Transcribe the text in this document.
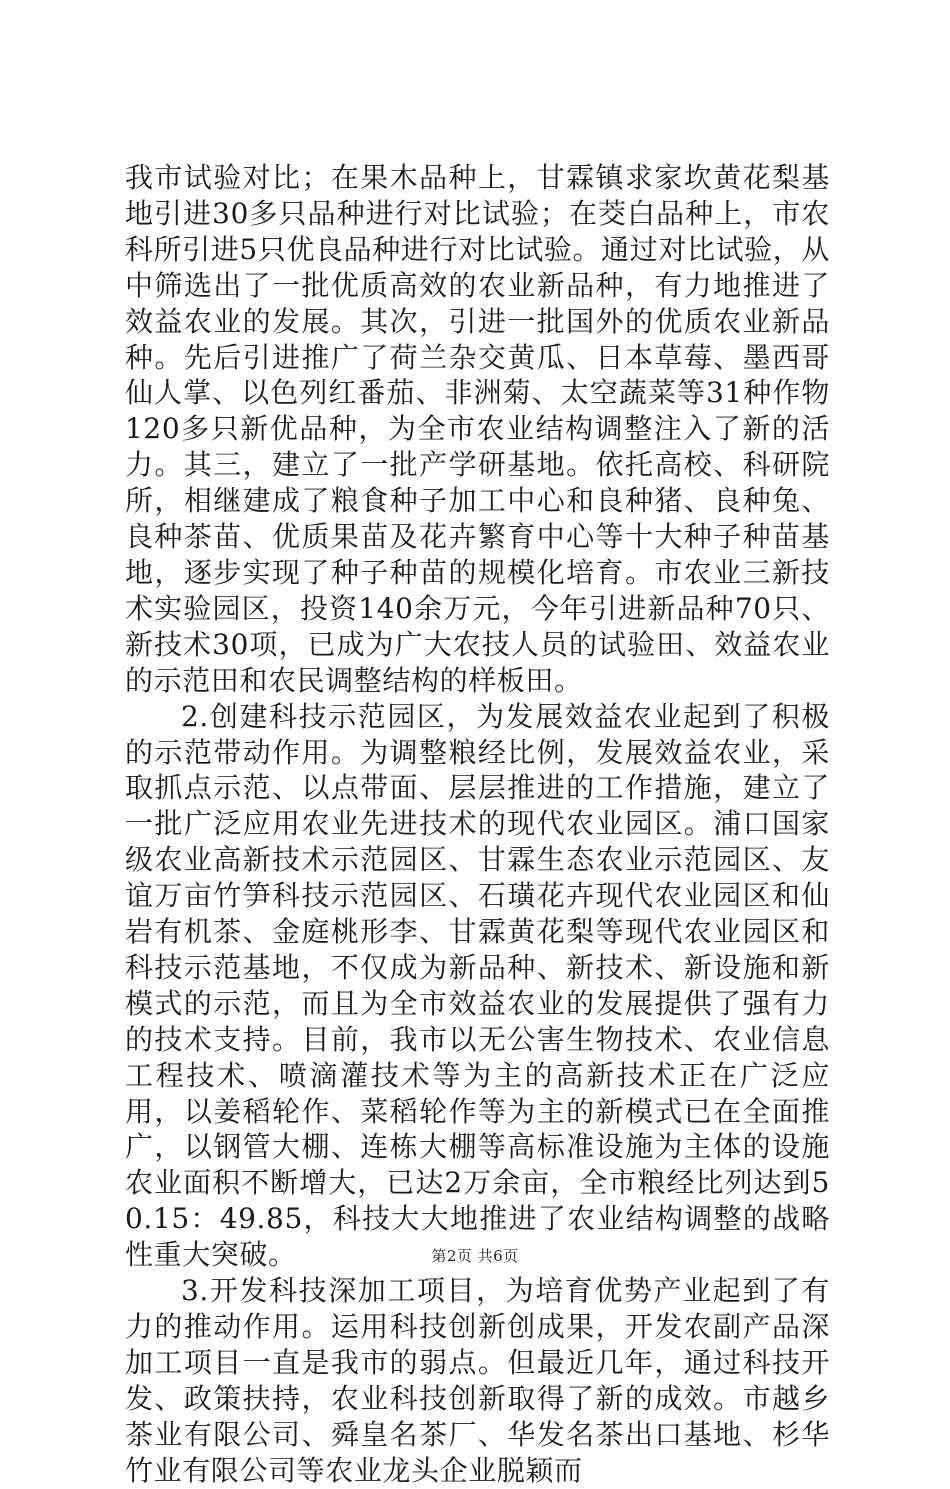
我市试验对比；在果木品种上，甘霖镇求家坎黄花梨基地引进30多只品种进行对比试验；在茭白品种上，市农科所引进5只优良品种进行对比试验。通过对比试验，从中筛选出了一批优质高效的农业新品种，有力地推进了效益农业的发展。其次，引进一批国外的优质农业新品种。先后引进推广了荷兰杂交黄瓜、日本草莓、墨西哥仙人掌、以色列红番茄、非洲菊、太空蔬菜等31种作物120多只新优品种，为全市农业结构调整注入了新的活力。其三，建立了一批产学研基地。依托高校、科研院所，相继建成了粮食种子加工中心和良种猪、良种兔、良种茶苗、优质果苗及花卉繁育中心等十大种子种苗基地，逐步实现了种子种苗的规模化培育。市农业三新技术实验园区，投资140余万元，今年引进新品种70只、新技术30项，已成为广大农技人员的试验田、效益农业的示范田和农民调整结构的样板田。

2.创建科技示范园区，为发展效益农业起到了积极的示范带动作用。为调整粮经比例，发展效益农业，采取抓点示范、以点带面、层层推进的工作措施，建立了一批广泛应用农业先进技术的现代农业园区。浦口国家级农业高新技术示范园区、甘霖生态农业示范园区、友谊万亩竹笋科技示范园区、石璜花卉现代农业园区和仙岩有机茶、金庭桃形李、甘霖黄花梨等现代农业园区和科技示范基地，不仅成为新品种、新技术、新设施和新模式的示范，而且为全市效益农业的发展提供了强有力的技术支持。目前，我市以无公害生物技术、农业信息工程技术、喷滴灌技术等为主的高新技术正在广泛应用，以姜稻轮作、菜稻轮作等为主的新模式已在全面推广，以钢管大棚、连栋大棚等高标准设施为主体的设施农业面积不断增大，已达2万余亩，全市粮经比列达到50.15：49.85，科技大大地推进了农业结构调整的战略性重大突破。

3.开发科技深加工项目，为培育优势产业起到了有力的推动作用。运用科技创新创成果，开发农副产品深加工项目一直是我市的弱点。但最近几年，通过科技开发、政策扶持，农业科技创新取得了新的成效。市越乡茶业有限公司、舜皇名茶厂、华发名茶出口基地、杉华竹业有限公司等农业龙头企业脱颖而

第2页 共6页
